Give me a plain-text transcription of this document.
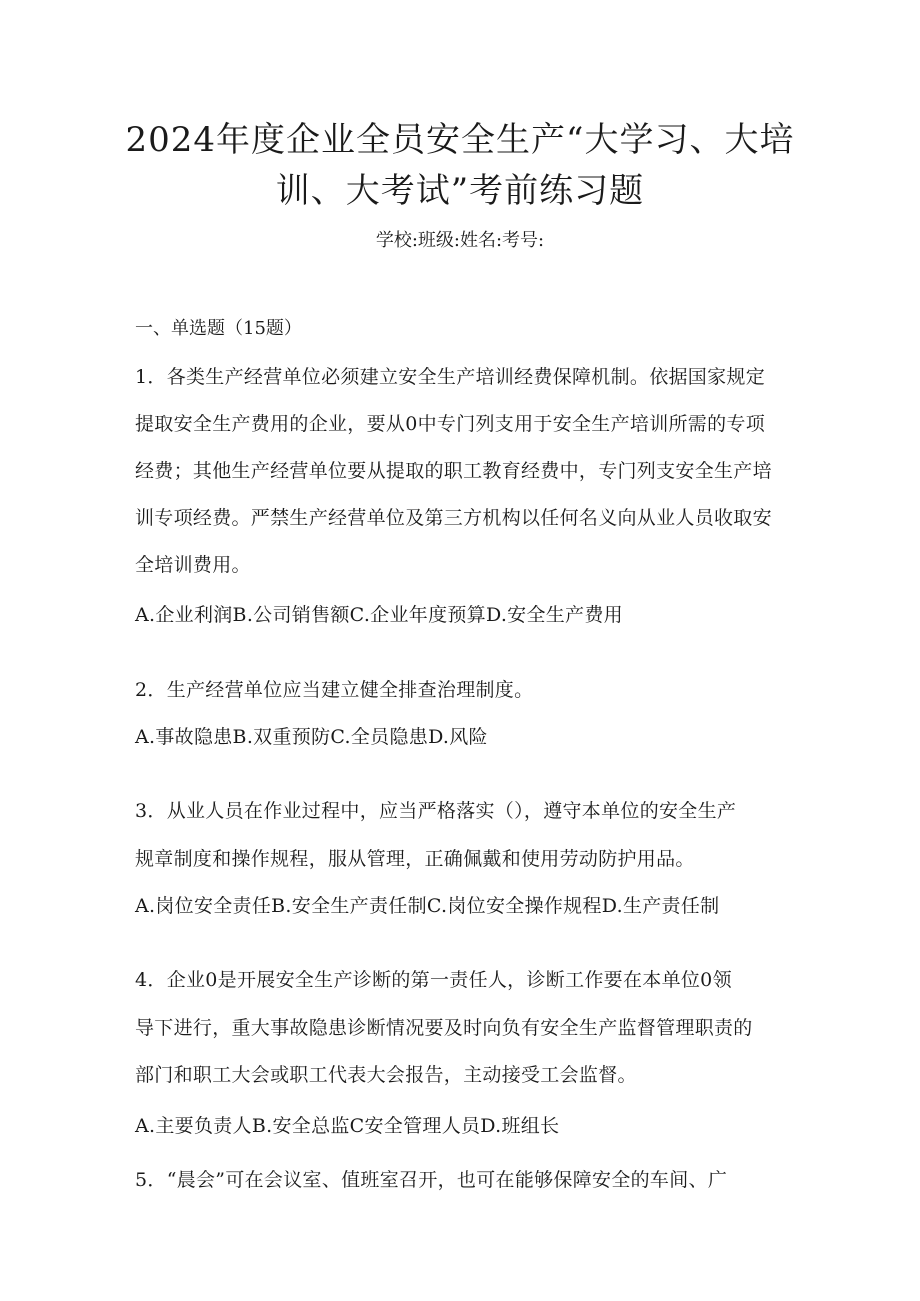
2024年度企业全员安全生产“大学习、大培
训、大考试”考前练习题
学校:班级:姓名:考号:
一、单选题（15题）
1．各类生产经营单位必须建立安全生产培训经费保障机制。依据国家规定
提取安全生产费用的企业，要从0中专门列支用于安全生产培训所需的专项
经费；其他生产经营单位要从提取的职工教育经费中，专门列支安全生产培
训专项经费。严禁生产经营单位及第三方机构以任何名义向从业人员收取安
全培训费用。
A.企业利润B.公司销售额C.企业年度预算D.安全生产费用
2．生产经营单位应当建立健全排查治理制度。
A.事故隐患B.双重预防C.全员隐患D.风险
3．从业人员在作业过程中，应当严格落实（），遵守本单位的安全生产
规章制度和操作规程，服从管理，正确佩戴和使用劳动防护用品。
A.岗位安全责任B.安全生产责任制C.岗位安全操作规程D.生产责任制
4．企业0是开展安全生产诊断的第一责任人，诊断工作要在本单位0领
导下进行，重大事故隐患诊断情况要及时向负有安全生产监督管理职责的
部门和职工大会或职工代表大会报告，主动接受工会监督。
A.主要负责人B.安全总监C安全管理人员D.班组长
5．“晨会”可在会议室、值班室召开，也可在能够保障安全的车间、广
